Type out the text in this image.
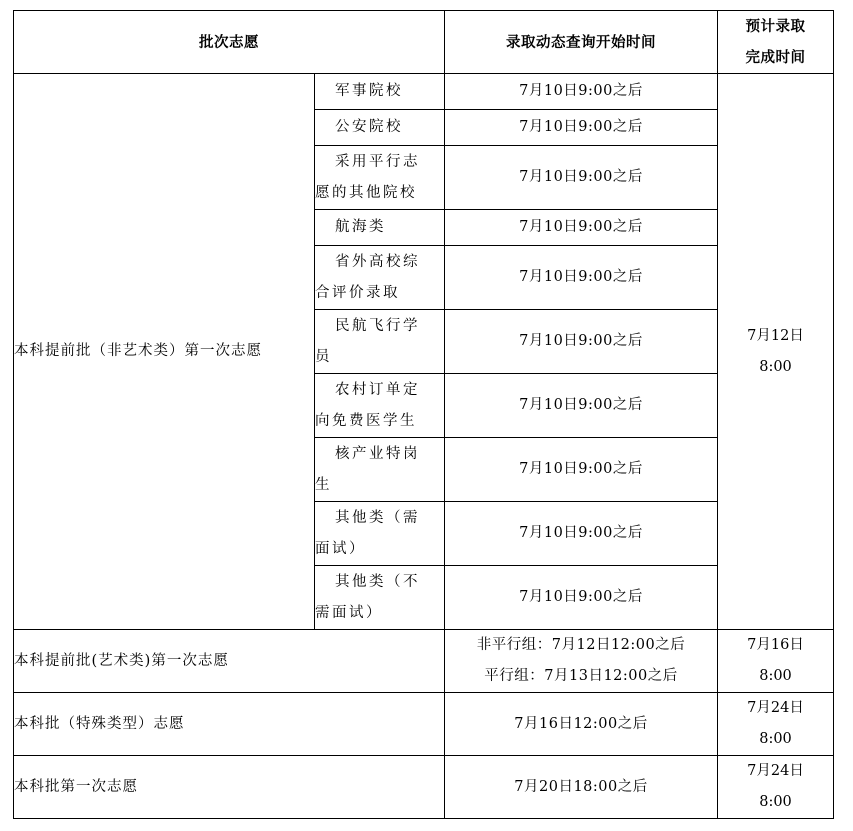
批次志愿		录取动态查询开始时间	预计录取
完成时间

本科提前批（非艺术类）第一次志愿	军事院校	7月10日9:00之后	7月12日
8:00

	公安院校	7月10日9:00之后	

	采用平行志
愿的其他院校	7月10日9:00之后	

	航海类	7月10日9:00之后	

	省外高校综
合评价录取	7月10日9:00之后	

	民航飞行学
员	7月10日9:00之后	

	农村订单定
向免费医学生	7月10日9:00之后	

	核产业特岗
生	7月10日9:00之后	

	其他类（需
面试）	7月10日9:00之后	

	其他类（不
需面试）	7月10日9:00之后	
本科提前批(艺术类)第一次志愿		非平行组：7月12日12:00之后
平行组：7月13日12:00之后	7月16日
8:00

本科批（特殊类型）志愿		7月16日12:00之后	7月24日
8:00

本科批第一次志愿		7月20日18:00之后	7月24日
8:00
